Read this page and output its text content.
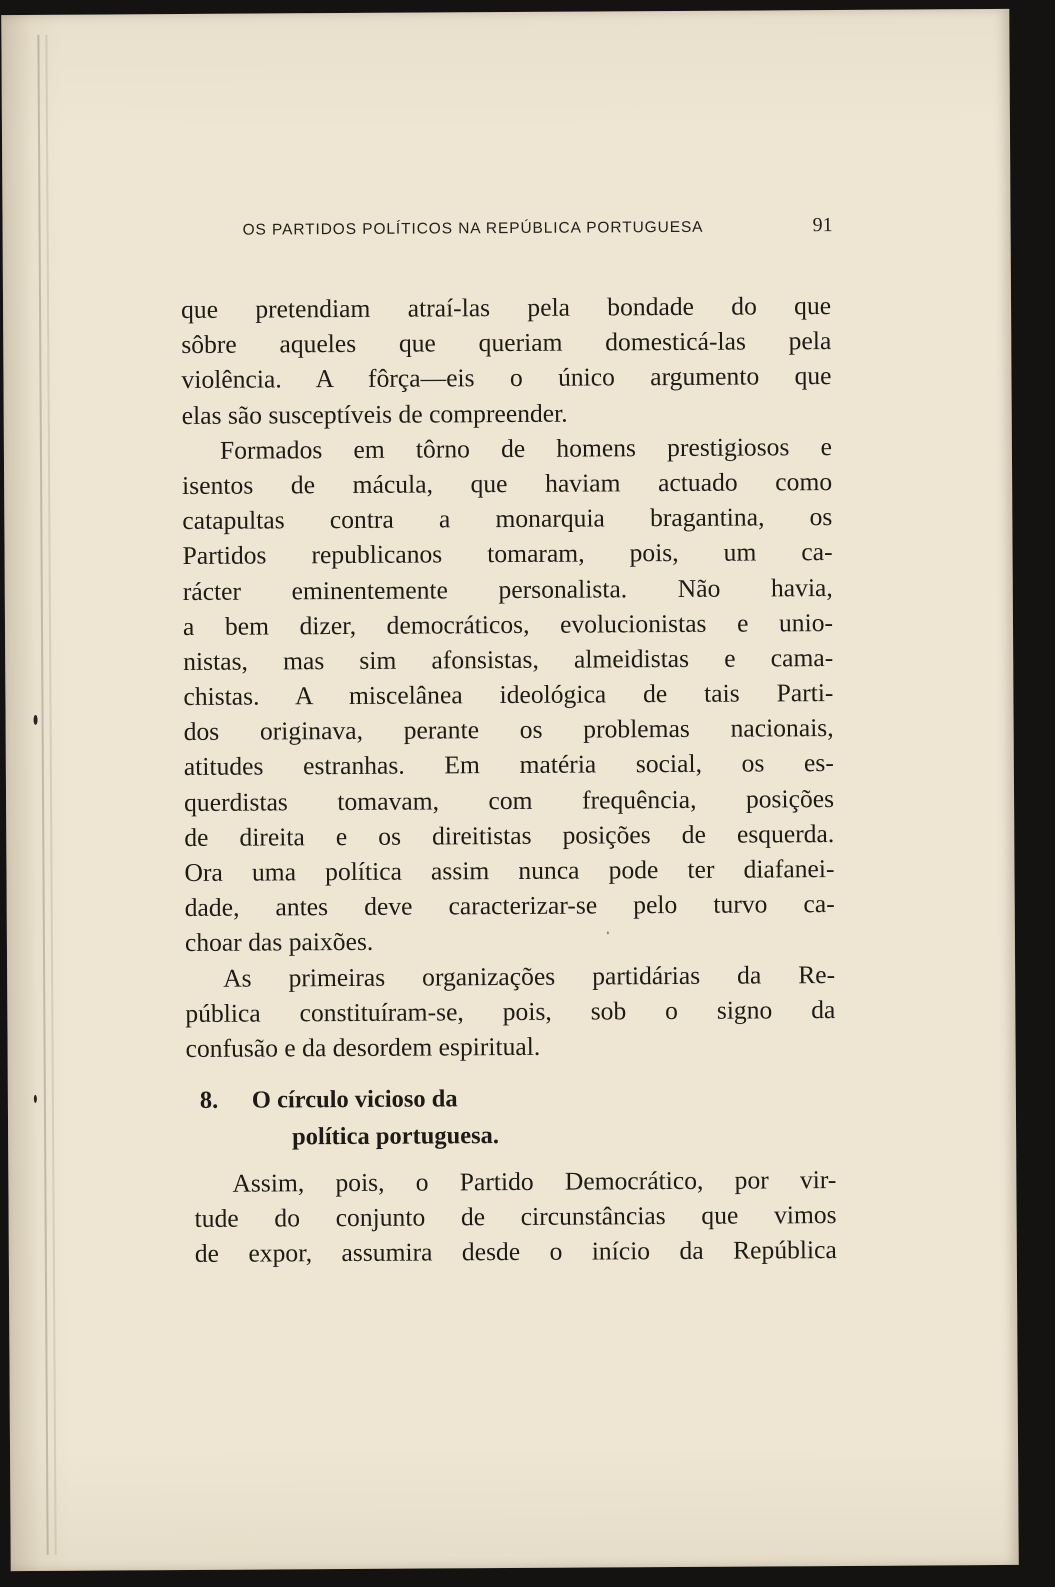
OS PARTIDOS POLÍTICOS NA REPÚBLICA PORTUGUESA	91
que pretendiam atraí-las pela bondade do que
sôbre aqueles que queriam domesticá-las pela
violência. A fôrça—eis o único argumento que
elas são susceptíveis de compreender.
Formados em tôrno de homens prestigiosos e
isentos de mácula, que haviam actuado como
catapultas contra a monarquia bragantina, os
Partidos republicanos tomaram, pois, um ca-
rácter eminentemente personalista. Não havia,
a bem dizer, democráticos, evolucionistas e unio-
nistas, mas sim afonsistas, almeidistas e cama-
chistas. A miscelânea ideológica de tais Parti-
dos originava, perante os problemas nacionais,
atitudes estranhas. Em matéria social, os es-
querdistas tomavam, com frequência, posições
de direita e os direitistas posições de esquerda.
Ora uma política assim nunca pode ter diafanei-
dade, antes deve caracterizar-se pelo turvo ca-
choar das paixões.
As primeiras organizações partidárias da Re-
pública constituíram-se, pois, sob o signo da
confusão e da desordem espiritual.
8. O círculo vicioso da
política portuguesa.
Assim, pois, o Partido Democrático, por vir-
tude do conjunto de circunstâncias que vimos
de expor, assumira desde o início da República
